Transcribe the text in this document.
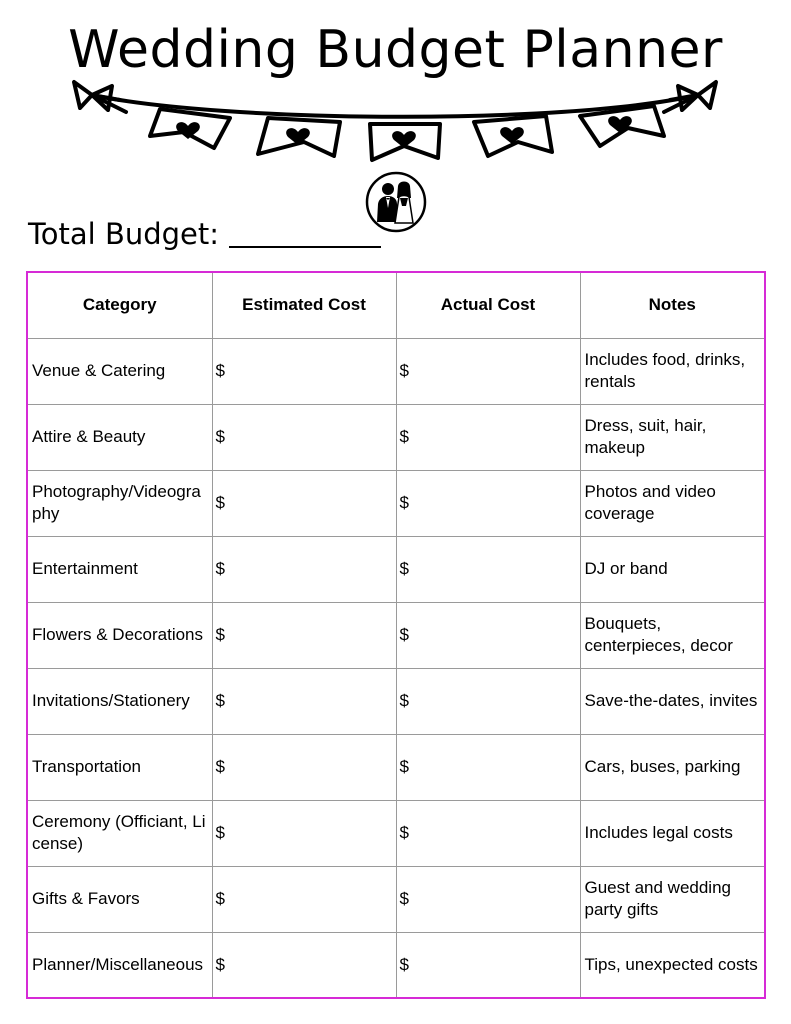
Wedding Budget Planner
Total Budget:
Category	Estimated Cost	Actual Cost	Notes
Venue & Catering	$	$	Includes food, drinks, rentals
Attire & Beauty	$	$	Dress, suit, hair, makeup
Photography/Videography	$	$	Photos and video coverage
Entertainment	$	$	DJ or band
Flowers & Decorations	$	$	Bouquets, centerpieces, decor
Invitations/Stationery	$	$	Save-the-dates, invites
Transportation	$	$	Cars, buses, parking
Ceremony (Officiant, License)	$	$	Includes legal costs
Gifts & Favors	$	$	Guest and wedding party gifts
Planner/Miscellaneous	$	$	Tips, unexpected costs
